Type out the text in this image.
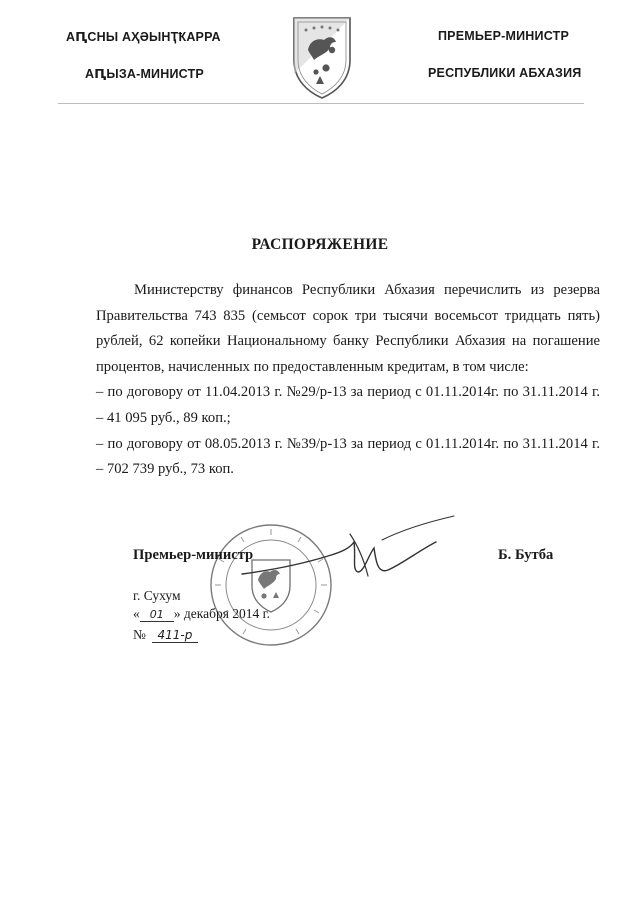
АԤСНЫ АҲӘЫНҬҞАРРА
АԤЫЗА-МИНИСТР
ПРЕМЬЕР-МИНИСТР
РЕСПУБЛИКИ АБХАЗИЯ
РАСПОРЯЖЕНИЕ

Министерству финансов Республики Абхазия перечислить из резерва Правительства 743 835 (семьсот сорок три тысячи восемьсот тридцать пять) рублей, 62 копейки Национальному банку Республики Абхазия на погашение процентов, начисленных по предоставленным кредитам, в том числе:

– по договору от 11.04.2013 г. №29/р-13 за период с 01.11.2014г. по 31.11.2014 г. – 41 095 руб., 89 коп.;

– по договору от 08.05.2013 г. №39/р-13 за период с 01.11.2014г. по 31.11.2014 г. – 702 739 руб., 73 коп.

Премьер-министр	Б. Бутба
г. Сухум
« 01 » декабря 2014 г.
№ 411-р
